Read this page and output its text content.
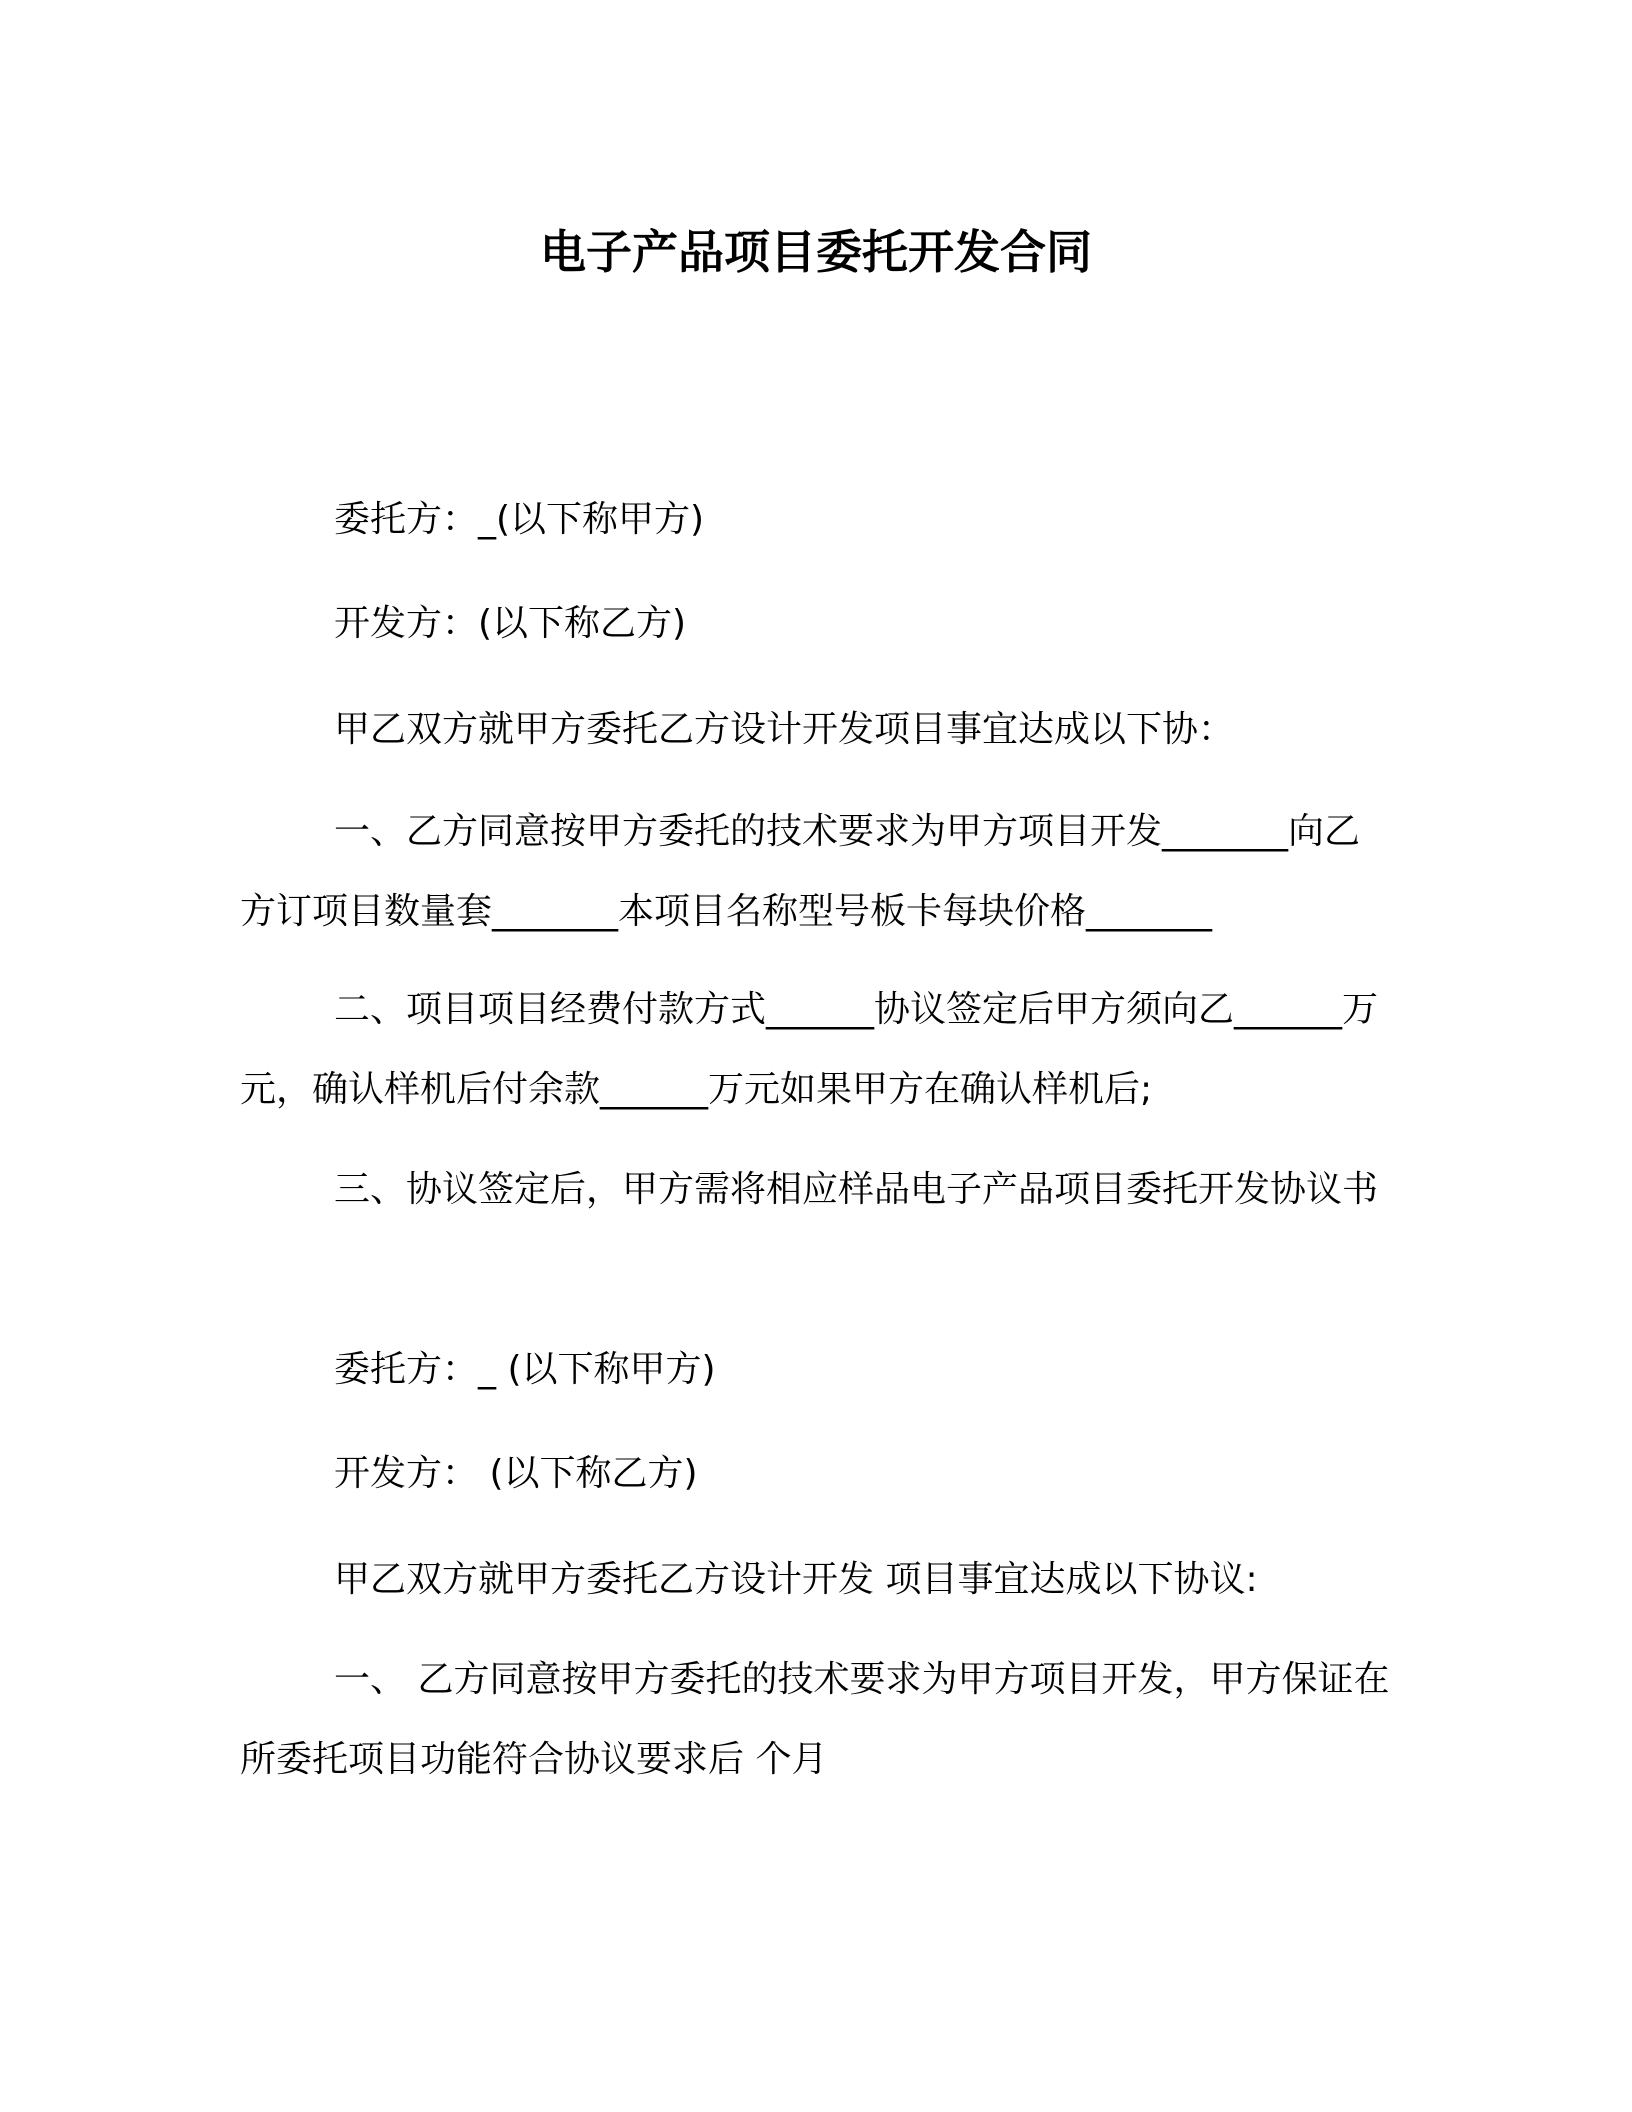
电子产品项目委托开发合同

委托方：_(以下称甲方)

开发方：(以下称乙方)

甲乙双方就甲方委托乙方设计开发项目事宜达成以下协：

一、乙方同意按甲方委托的技术要求为甲方项目开发_______向乙方订项目数量套_______本项目名称型号板卡每块价格_______

二、项目项目经费付款方式______协议签定后甲方须向乙______万元，确认样机后付余款______万元如果甲方在确认样机后;

三、协议签定后，甲方需将相应样品电子产品项目委托开发协议书

委托方：_ (以下称甲方)

开发方： (以下称乙方)

甲乙双方就甲方委托乙方设计开发 项目事宜达成以下协议:

一、 乙方同意按甲方委托的技术要求为甲方项目开发，甲方保证在所委托项目功能符合协议要求后 个月
